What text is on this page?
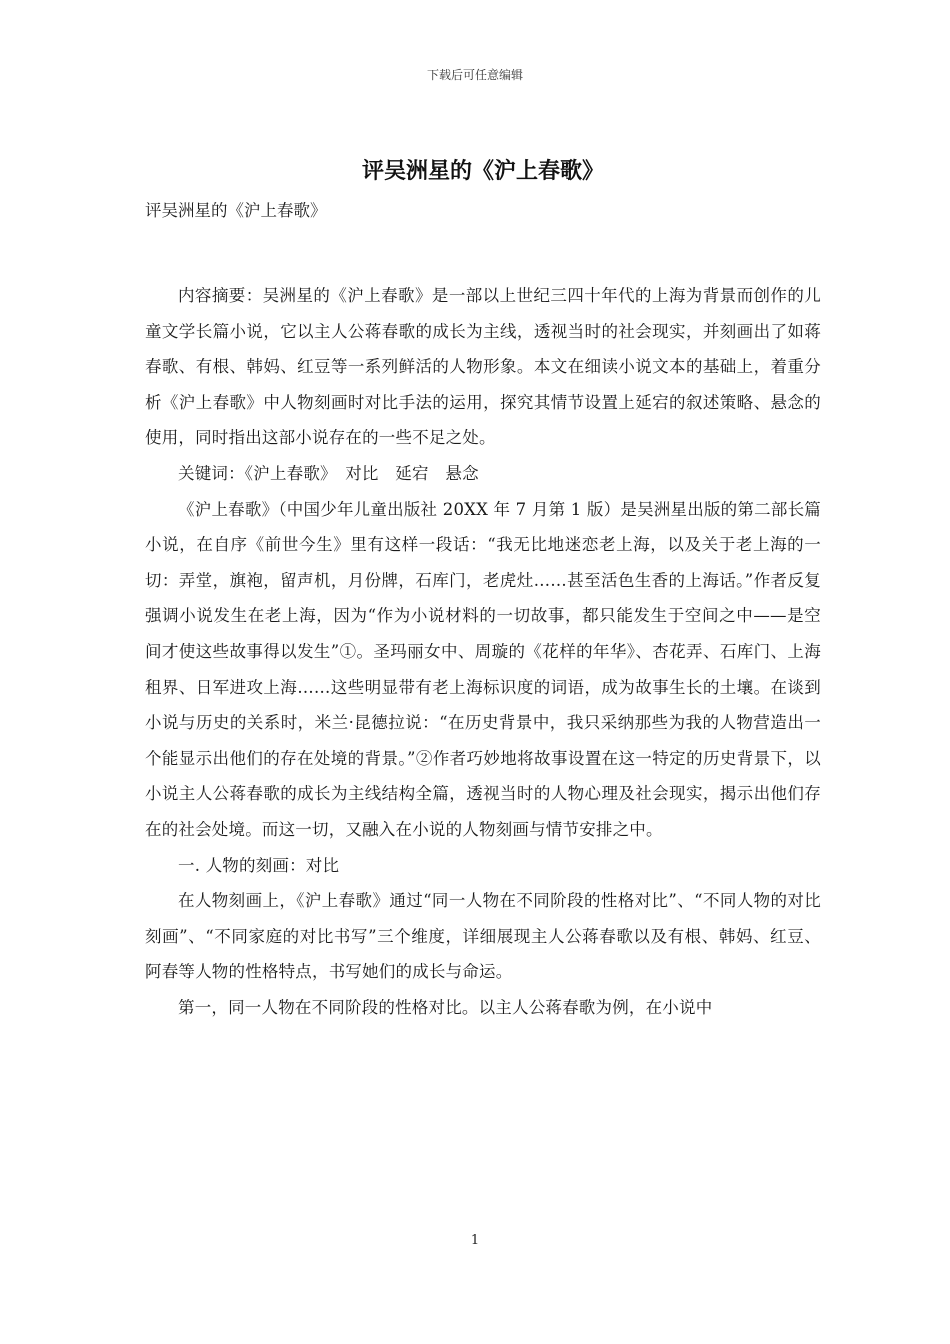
下载后可任意编辑
评吴洲星的《沪上春歌》

评吴洲星的《沪上春歌》

内容摘要：吴洲星的《沪上春歌》是一部以上世纪三四十年代的上海为背景而创作的儿童文学长篇小说，它以主人公蒋春歌的成长为主线，透视当时的社会现实，并刻画出了如蒋春歌、有根、韩妈、红豆等一系列鲜活的人物形象。本文在细读小说文本的基础上，着重分析《沪上春歌》中人物刻画时对比手法的运用，探究其情节设置上延宕的叙述策略、悬念的使用，同时指出这部小说存在的一些不足之处。

关键词：《沪上春歌》　对比　延宕　悬念

《沪上春歌》（中国少年儿童出版社 20XX 年 7 月第 1 版）是吴洲星出版的第二部长篇小说，在自序《前世今生》里有这样一段话：“我无比地迷恋老上海，以及关于老上海的一切：弄堂，旗袍，留声机，月份牌，石库门，老虎灶……甚至活色生香的上海话。”作者反复强调小说发生在老上海，因为“作为小说材料的一切故事，都只能发生于空间之中——是空间才使这些故事得以发生”①。圣玛丽女中、周璇的《花样的年华》、杏花弄、石库门、上海租界、日军进攻上海……这些明显带有老上海标识度的词语，成为故事生长的土壤。在谈到小说与历史的关系时，米兰·昆德拉说：“在历史背景中，我只采纳那些为我的人物营造出一个能显示出他们的存在处境的背景。”②作者巧妙地将故事设置在这一特定的历史背景下，以小说主人公蒋春歌的成长为主线结构全篇，透视当时的人物心理及社会现实，揭示出他们存在的社会处境。而这一切，又融入在小说的人物刻画与情节安排之中。

一. 人物的刻画：对比

在人物刻画上，《沪上春歌》通过“同一人物在不同阶段的性格对比”、“不同人物的对比刻画”、“不同家庭的对比书写”三个维度，详细展现主人公蒋春歌以及有根、韩妈、红豆、阿春等人物的性格特点，书写她们的成长与命运。

第一，同一人物在不同阶段的性格对比。以主人公蒋春歌为例，在小说中

1
